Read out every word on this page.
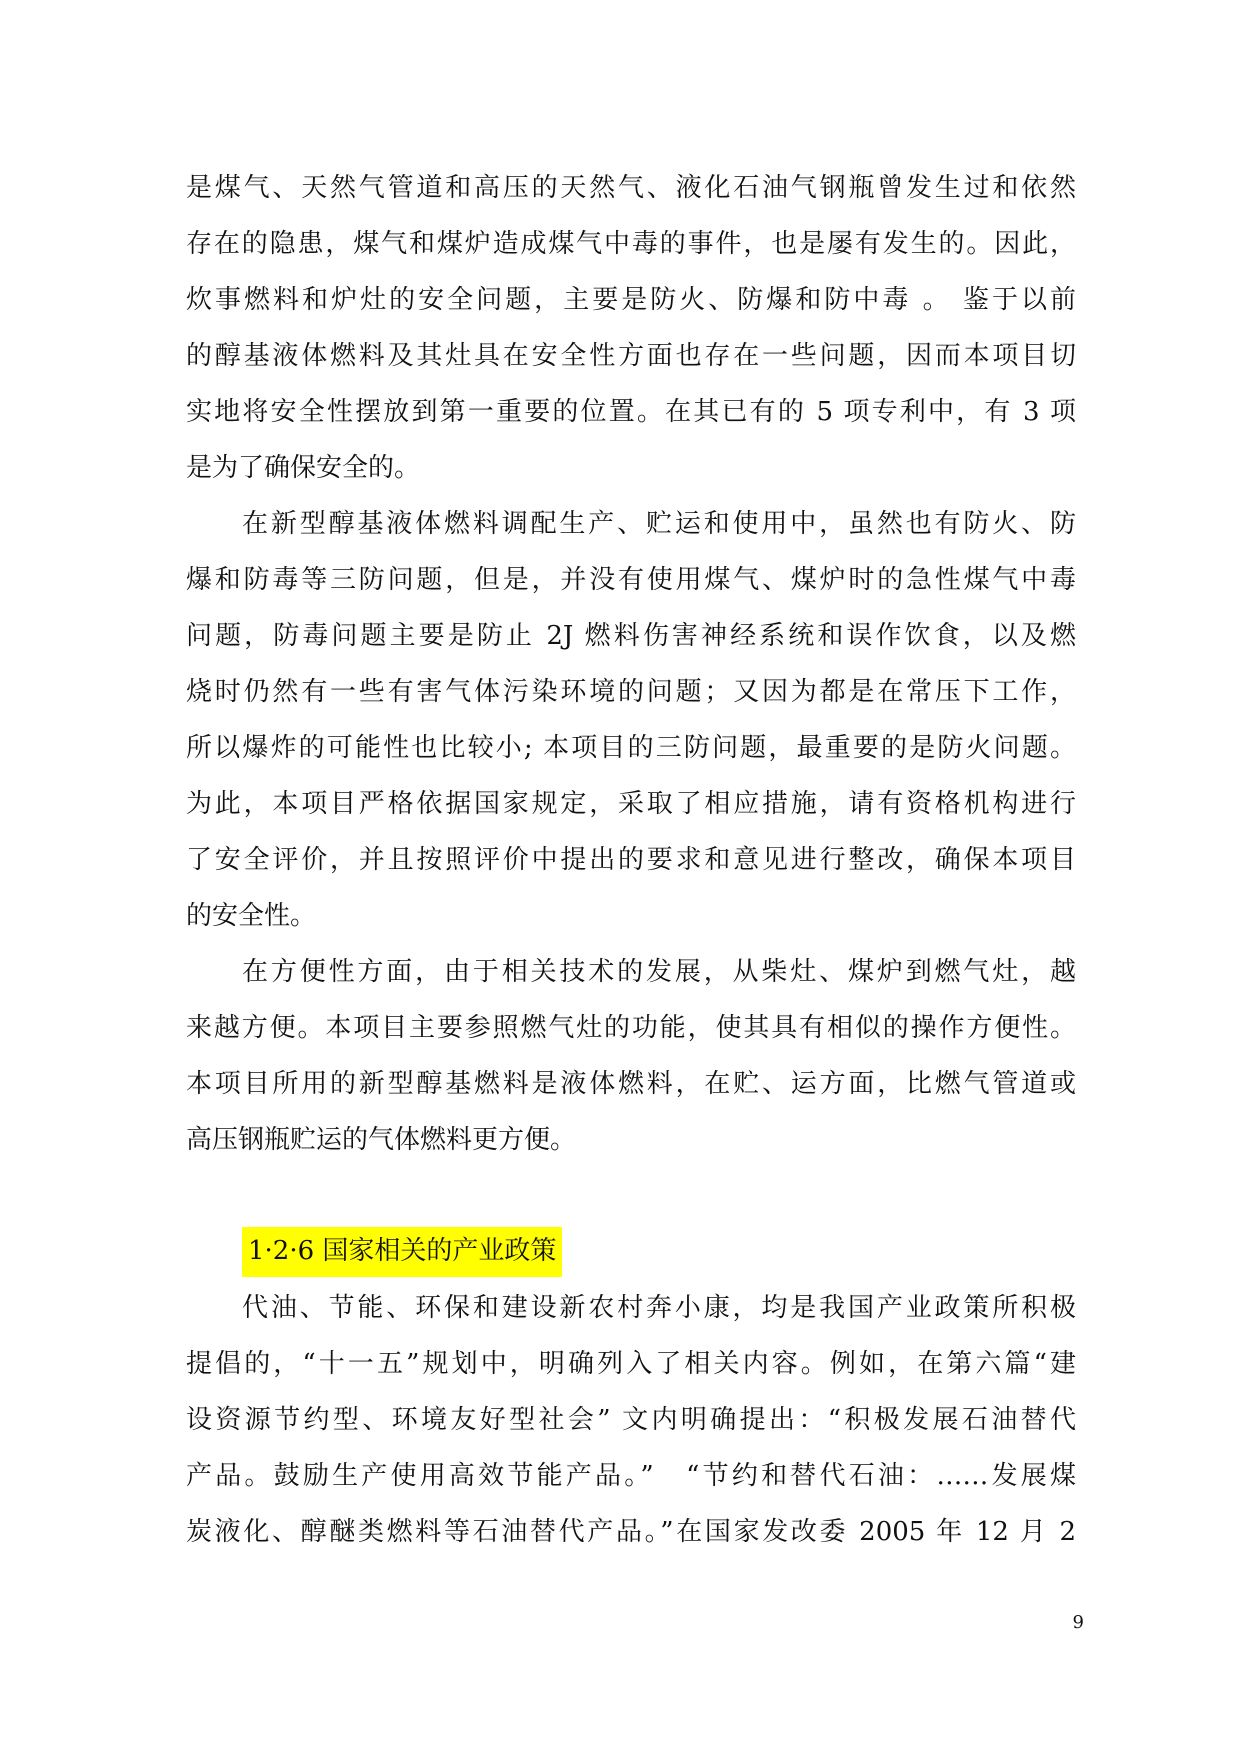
是煤气、天然气管道和高压的天然气、液化石油气钢瓶曾发生过和依然
存在的隐患，煤气和煤炉造成煤气中毒的事件，也是屡有发生的。因此，
炊事燃料和炉灶的安全问题，主要是防火、防爆和防中毒 。 鉴于以前
的醇基液体燃料及其灶具在安全性方面也存在一些问题，因而本项目切
实地将安全性摆放到第一重要的位置。在其已有的 5 项专利中，有 3 项
是为了确保安全的。
在新型醇基液体燃料调配生产、贮运和使用中，虽然也有防火、防
爆和防毒等三防问题，但是，并没有使用煤气、煤炉时的急性煤气中毒
问题，防毒问题主要是防止 2J 燃料伤害神经系统和误作饮食，以及燃
烧时仍然有一些有害气体污染环境的问题；又因为都是在常压下工作，
所以爆炸的可能性也比较小; 本项目的三防问题，最重要的是防火问题。
为此，本项目严格依据国家规定，采取了相应措施，请有资格机构进行
了安全评价，并且按照评价中提出的要求和意见进行整改，确保本项目
的安全性。
在方便性方面，由于相关技术的发展，从柴灶、煤炉到燃气灶，越
来越方便。本项目主要参照燃气灶的功能，使其具有相似的操作方便性。
本项目所用的新型醇基燃料是液体燃料，在贮、运方面，比燃气管道或
高压钢瓶贮运的气体燃料更方便。
1·2·6 国家相关的产业政策
代油、节能、环保和建设新农村奔小康，均是我国产业政策所积极
提倡的，“十一五”规划中，明确列入了相关内容。例如，在第六篇“建
设资源节约型、环境友好型社会” 文内明确提出：“积极发展石油替代
产品。鼓励生产使用高效节能产品。”　“节约和替代石油：……发展煤
炭液化、醇醚类燃料等石油替代产品。”在国家发改委 2005 年 12 月 2
9
